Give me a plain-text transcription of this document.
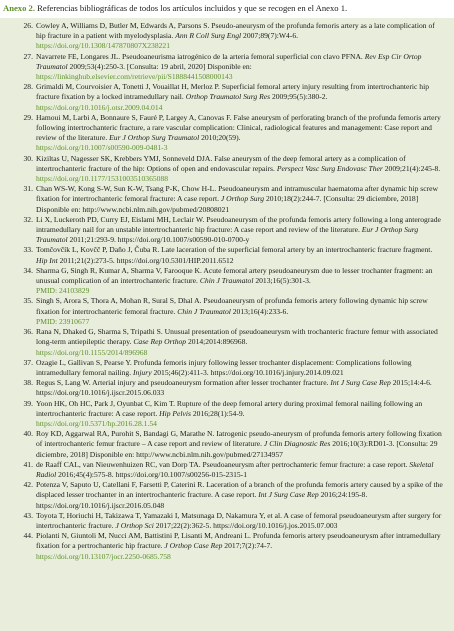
Anexo 2. Referencias bibliográficas de todos los artículos incluidos y que se recogen en el Anexo 1.
26. Cowley A, Williams D, Butler M, Edwards A, Parsons S. Pseudo-aneurysm of the profunda femoris artery as a late complication of hip fracture in a patient with myelodysplasia. Ann R Coll Surg Engl 2007;89(7):W4-6.

https://doi.org/10.1308/147870807X238221
27. Navarrete FE, Longares JL. Pseudoaneurisma iatrogénico de la arteria femoral superficial con clavo PFNA. Rev Esp Cir Ortop Traumatol 2009;53(4):250-3. [Consulta: 19 abril, 2020] Disponible en:

https://linkinghub.elsevier.com/retrieve/pii/S1888441508000143
28. Grimaldi M, Courvoisier A, Tonetti J, Vouaillat H, Merloz P. Superficial femoral artery injury resulting from intertrochanteric hip fracture fixation by a locked intramedullary nail. Orthop Traumatol Surg Res 2009;95(5):380-2.

https://doi.org/10.1016/j.otsr.2009.04.014
29. Hamoui M, Larbi A, Bonnaure S, Fauré P, Largey A, Canovas F. False aneurysm of perforating branch of the profunda femoris artery following intertrochanteric fracture, a rare vascular complication: Clinical, radiological features and management: Case report and review of the literature. Eur J Orthop Surg Traumatol 2010;20(59).

https://doi.org/10.1007/s00590-009-0481-3
30. Kiziltas U, Nagesser SK, Krebbers YMJ, Sonneveld DJA. False aneurysm of the deep femoral artery as a complication of intertrochanteric fracture of the hip: Options of open and endovascular repairs. Perspect Vasc Surg Endovasc Ther 2009;21(4):245-8.

https://doi.org/10.1177/1531003510365088
31. Chan WS-W, Kong S-W, Sun K-W, Tsang P-K, Chow H-L. Pseudoaneurysm and intramuscular haematoma after dynamic hip screw fixation for intertrochanteric femoral fracture: A case report. J Orthop Surg 2010;18(2):244-7. [Consulta: 29 diciembre, 2018] Disponible en: http://www.ncbi.nlm.nih.gov/pubmed/20808021

32. Li X, Luckeroth PD, Curry EJ, Eislami MH, Leclair W. Pseudoaneurysm of the profunda femoris artery following a long anterograde intramedullary nail for an unstable intertrochanteric hip fracture: A case report and review of the literature. Eur J Orthop Surg Traumatol 2011;21:293-9. https://doi.org/10.1007/s00590-010-0700-y

33. Tomčovčík L, Kovčč P, Daňo J, Čuba R. Late laceration of the superficial femoral artery by an intertrochanteric fracture fragment. Hip Int 2011;21(2):273-5. https://doi.org/10.5301/HIP.2011.6512

34. Sharma G, Singh R, Kumar A, Sharma V, Farooque K. Acute femoral artery pseudoaneurysm due to lesser trochanter fragment: an unusual complication of an intertrochanteric fracture. Chin J Traumatol 2013;16(5):301-3.

PMID: 24103829
35. Singh S, Arora S, Thora A, Mohan R, Sural S, Dhal A. Pseudoaneurysm of profunda femoris artery following dynamic hip screw fixation for intertrochanteric femoral fracture. Chin J Traumatol 2013;16(4):233-6.

PMID: 23910677
36. Rana N, Dhaked G, Sharma S, Tripathi S. Unusual presentation of pseudoaneurysm with trochanteric fracture femur with associated long-term antiepileptic therapy. Case Rep Orthop 2014;2014:896968.

https://doi.org/10.1155/2014/896968
37. Ozagie L, Gallivan S, Pearse Y. Profunda femoris injury following lesser trochanter displacement: Complications following intramedullary femoral nailing. Injury 2015;46(2):411-3. https://doi.org/10.1016/j.injury.2014.09.021

38. Regus S, Lang W. Arterial injury and pseudoaneurysm formation after lesser trochanter fracture. Int J Surg Case Rep 2015;14:4-6. https://doi.org/10.1016/j.ijscr.2015.06.033

39. Yoon HK, Oh HC, Park J, Oyunbat C, Kim T. Rupture of the deep femoral artery during proximal femoral nailing following an intertrochanteric fracture: A case report. Hip Pelvis 2016;28(1):54-9.

https://doi.org/10.5371/hp.2016.28.1.54
40. Roy KD, Aggarwal RA, Purohit S, Bandagi G, Marathe N. Iatrogenic pseudo-aneurysm of profunda femoris artery following fixation of intertrochanteric femur fracture – A case report and review of literature. J Clin Diagnostic Res 2016;10(3):RD01-3. [Consulta: 29 diciembre, 2018] Disponible en: http://www.ncbi.nlm.nih.gov/pubmed/27134957

41. de Raaff CAL, van Nieuwenhuizen RC, van Dorp TA. Pseudoaneurysm after pertrochanteric femur fracture: a case report. Skeletal Radiol 2016;45(4):575-8. https://doi.org/10.1007/s00256-015-2315-1

42. Potenza V, Saputo U, Catellani F, Farsetti P, Caterini R. Laceration of a branch of the profunda femoris artery caused by a spike of the displaced lesser trochanter in an intertrochanteric fracture. A case report. Int J Surg Case Rep 2016;24:195-8. https://doi.org/10.1016/j.ijscr.2016.05.048

43. Toyota T, Horiuchi H, Takizawa T, Yamazaki I, Matsunaga D, Nakamura Y, et al. A case of femoral pseudoaneurysm after surgery for intertrochanteric fracture. J Orthop Sci 2017;22(2):362-5. https://doi.org/10.1016/j.jos.2015.07.003

44. Piolanti N, Giuntoli M, Nucci AM, Battistini P, Lisanti M, Andreani L. Profunda femoris artery pseudoaneurysm after intramedullary fixation for a pertrochanteric hip fracture. J Orthop Case Rep 2017;7(2):74-7.

https://doi.org/10.13107/jocr.2250-0685.758
